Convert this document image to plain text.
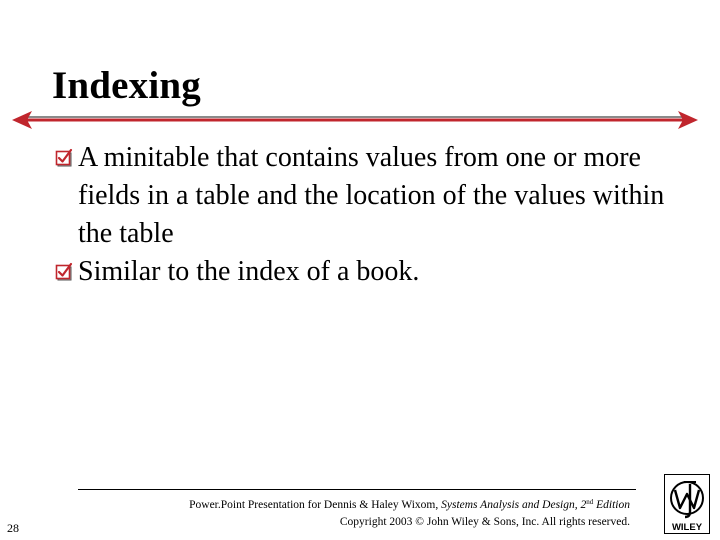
Indexing
A minitable that contains values from one or more fields in a table and the location of the values within the table
Similar to the index of a book.
28
Power.Point Presentation for Dennis & Haley Wixom, Systems Analysis and Design, 2nd Edition
Copyright 2003 © John Wiley & Sons, Inc. All rights reserved.	WILEY
